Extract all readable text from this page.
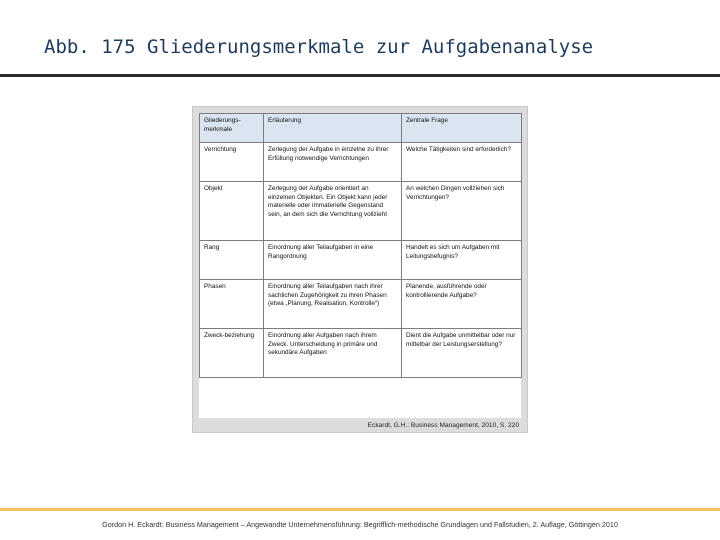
Abb. 175 Gliederungsmerkmale zur Aufgabenanalyse
Gliederungs-merkmale	Erläuterung	Zentrale Frage
Verrichtung	Zerlegung der Aufgabe in einzelne zu ihrer Erfüllung notwendige Verrichtungen	Welche Tätigkeiten sind erforderlich?
Objekt	Zerlegung der Aufgabe orientiert an einzelnen Objekten. Ein Objekt kann jeder materielle oder immaterielle Gegenstand sein, an dem sich die Verrichtung vollzieht	An welchen Dingen vollziehen sich Verrichtungen?
Rang	Einordnung aller Teilaufgaben in eine Rangordnung	Handelt es sich um Aufgaben mit Leitungsbefugnis?
Phasen	Einordnung aller Teilaufgaben nach ihrer sachlichen Zugehörigkeit zu ihren Phasen (etwa „Planung, Realisation, Kontrolle“)	Planende, ausführende oder kontrollierende Aufgabe?
Zweck-beziehung	Einordnung aller Aufgaben nach ihrem Zweck. Unterscheidung in primäre und sekundäre Aufgaben	Dient die Aufgabe unmittelbar oder nur mittelbar der Leistungserstellung?
Eckardt, G.H.: Business Management, 2010, S. 220
Gordon H. Eckardt: Business Management – Angewandte Unternehmensführung: Begrifflich-methodische Grundlagen und Fallstudien, 2. Auflage, Göttingen 2010
